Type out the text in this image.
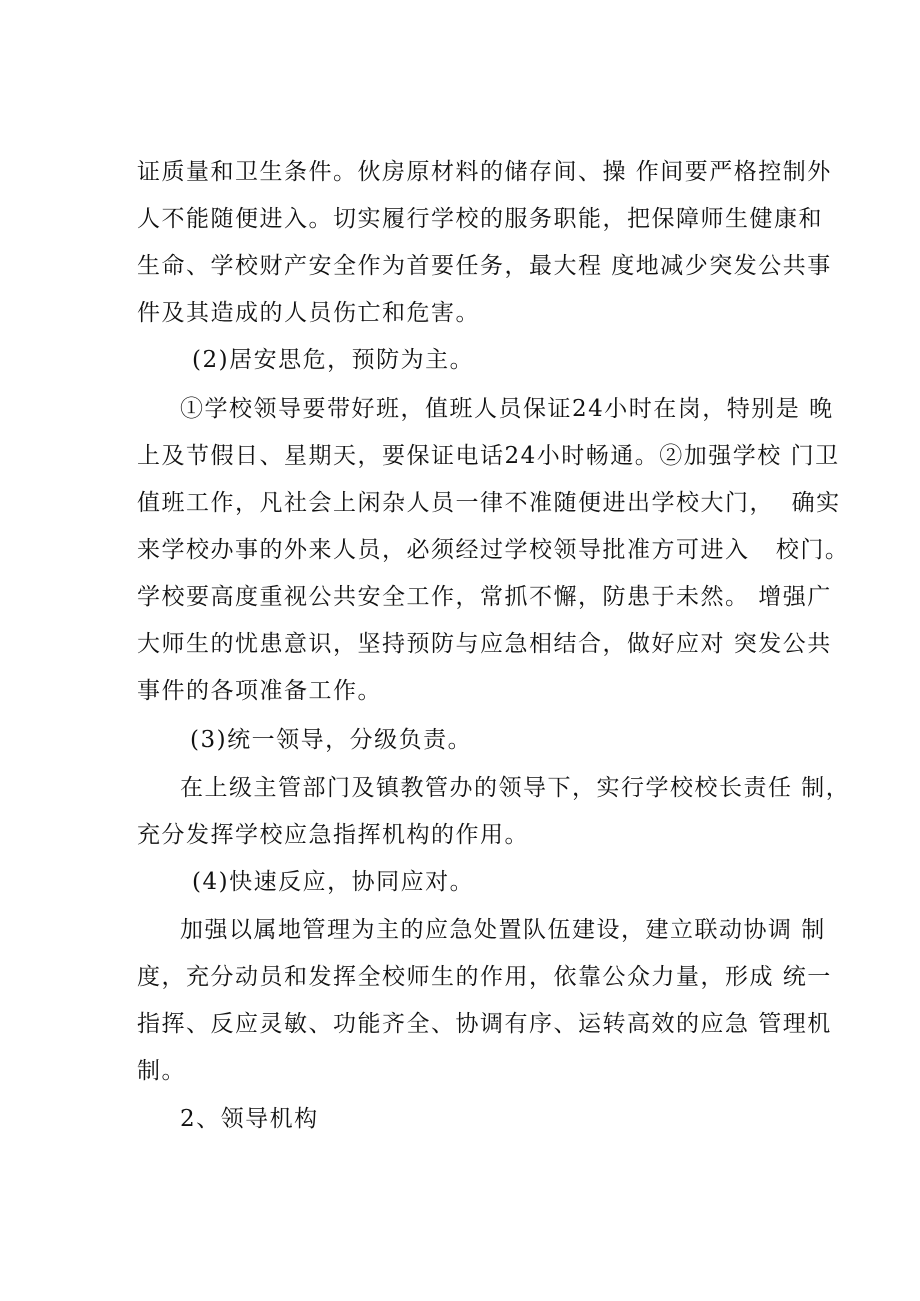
证质量和卫生条件。伙房原材料的储存间、操 作间要严格控制外

人不能随便进入。切实履行学校的服务职能，把保障师生健康和

生命、学校财产安全作为首要任务，最大程 度地减少突发公共事

件及其造成的人员伤亡和危害。

(2)居安思危，预防为主。

①学校领导要带好班，值班人员保证24小时在岗，特别是 晚

上及节假日、星期天，要保证电话24小时畅通。②加强学校 门卫

值班工作，凡社会上闲杂人员一律不准随便进出学校大门，  确实

来学校办事的外来人员，必须经过学校领导批准方可进入   校门。

学校要高度重视公共安全工作，常抓不懈，防患于未然。 增强广

大师生的忧患意识，坚持预防与应急相结合，做好应对 突发公共

事件的各项准备工作。

(3)统一领导，分级负责。

在上级主管部门及镇教管办的领导下，实行学校校长责任 制，

充分发挥学校应急指挥机构的作用。

(4)快速反应，协同应对。

加强以属地管理为主的应急处置队伍建设，建立联动协调 制

度，充分动员和发挥全校师生的作用，依靠公众力量，形成 统一

指挥、反应灵敏、功能齐全、协调有序、运转高效的应急 管理机

制。

2、领导机构
